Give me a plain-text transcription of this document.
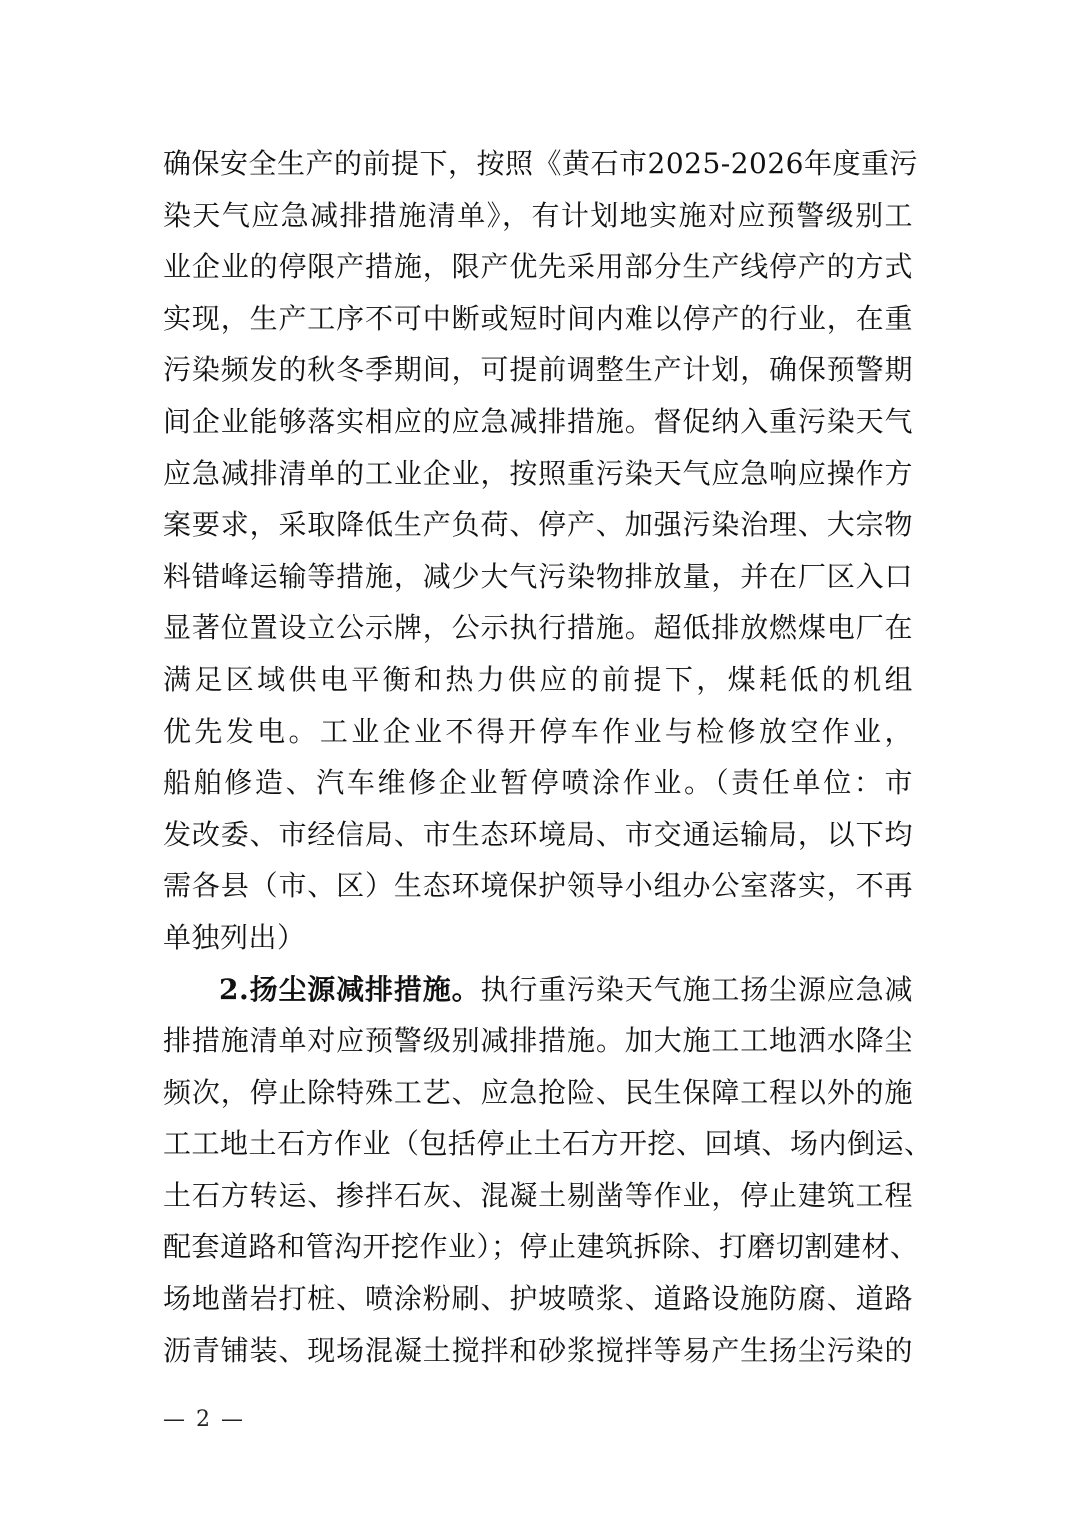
确保安全生产的前提下，按照《黄石市2025-2026年度重污
染天气应急减排措施清单》，有计划地实施对应预警级别工
业企业的停限产措施，限产优先采用部分生产线停产的方式
实现，生产工序不可中断或短时间内难以停产的行业，在重
污染频发的秋冬季期间，可提前调整生产计划，确保预警期
间企业能够落实相应的应急减排措施。督促纳入重污染天气
应急减排清单的工业企业，按照重污染天气应急响应操作方
案要求，采取降低生产负荷、停产、加强污染治理、大宗物
料错峰运输等措施，减少大气污染物排放量，并在厂区入口
显著位置设立公示牌，公示执行措施。超低排放燃煤电厂在
满足区域供电平衡和热力供应的前提下，煤耗低的机组
优先发电。工业企业不得开停车作业与检修放空作业，
船舶修造、汽车维修企业暂停喷涂作业。（责任单位：市
发改委、市经信局、市生态环境局、市交通运输局，以下均
需各县（市、区）生态环境保护领导小组办公室落实，不再
单独列出）
2.扬尘源减排措施。执行重污染天气施工扬尘源应急减
排措施清单对应预警级别减排措施。加大施工工地洒水降尘
频次，停止除特殊工艺、应急抢险、民生保障工程以外的施
工工地土石方作业（包括停止土石方开挖、回填、场内倒运、
土石方转运、掺拌石灰、混凝土剔凿等作业，停止建筑工程
配套道路和管沟开挖作业）；停止建筑拆除、打磨切割建材、
场地凿岩打桩、喷涂粉刷、护坡喷浆、道路设施防腐、道路
沥青铺装、现场混凝土搅拌和砂浆搅拌等易产生扬尘污染的
— 2 —
